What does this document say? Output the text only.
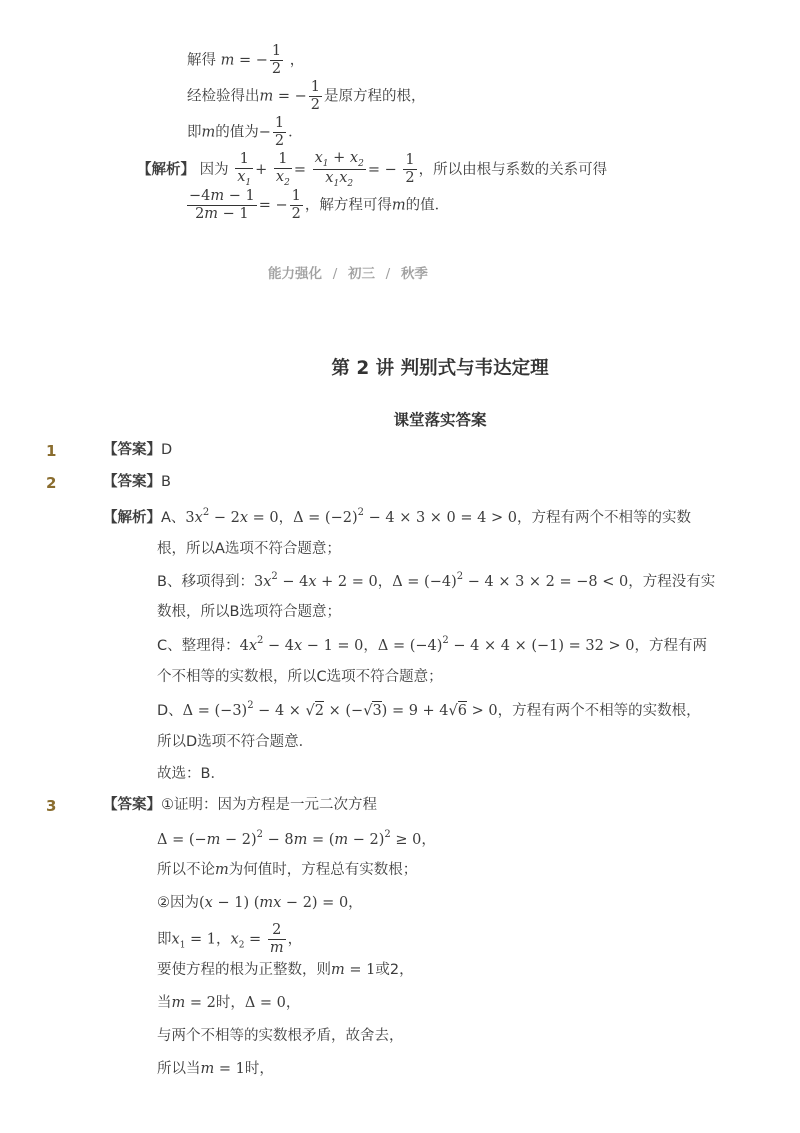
解得 m = − $\frac{1}{2}$ ，
经检验得出m = − $\frac{1}{2}$ 是原方程的根，
即m的值为− $\frac{1}{2}$ ．
【解析】 因为 $\frac{1}{x_1} + \frac{1}{x_2} = \frac{x_1 + x_2}{x_1x_2}$ = − $\frac{1}{2}$ ，所以由根与系数的关系可得
$\frac{-4m - 1}{2m - 1}$ = − $\frac{1}{2}$ ，解方程可得m的值．
能力强化 / 初三 / 秋季
第 2 讲 判别式与韦达定理
课堂落实答案
1	【答案】D
2	【答案】B
【解析】A、$3x^2 - 2x = 0$，$\Delta = (-2)^2 - 4 \times 3 \times 0 = 4 > 0$，方程有两个不相等的实数
根，所以A选项不符合题意；
B、移项得到：$3x^2 - 4x + 2 = 0$，$\Delta = (-4)^2 - 4 \times 3 \times 2 = -8 < 0$，方程没有实
数根，所以B选项符合题意；
C、整理得：$4x^2 - 4x - 1 = 0$，$\Delta = (-4)^2 - 4 \times 4 \times (-1) = 32 > 0$，方程有两
个不相等的实数根，所以C选项不符合题意；
D、$\Delta = (-3)^2 - 4 \times √2 \times (-√3) = 9 + 4√6 > 0$，方程有两个不相等的实数根，
所以D选项不符合题意．
故选：B．
3	【答案】①证明：因为方程是一元二次方程
$\Delta = (-m - 2)^2 - 8m = (m - 2)^2 \ge 0$，
所以不论m为何值时，方程总有实数根；
②因为(x − 1) (mx − 2) = 0，
即$x_1 = 1$，$x_2 = \frac{2}{m}$ ，
要使方程的根为正整数，则m = 1或2，
当m = 2时，Δ = 0，
与两个不相等的实数根矛盾，故舍去，
所以当m = 1时，
